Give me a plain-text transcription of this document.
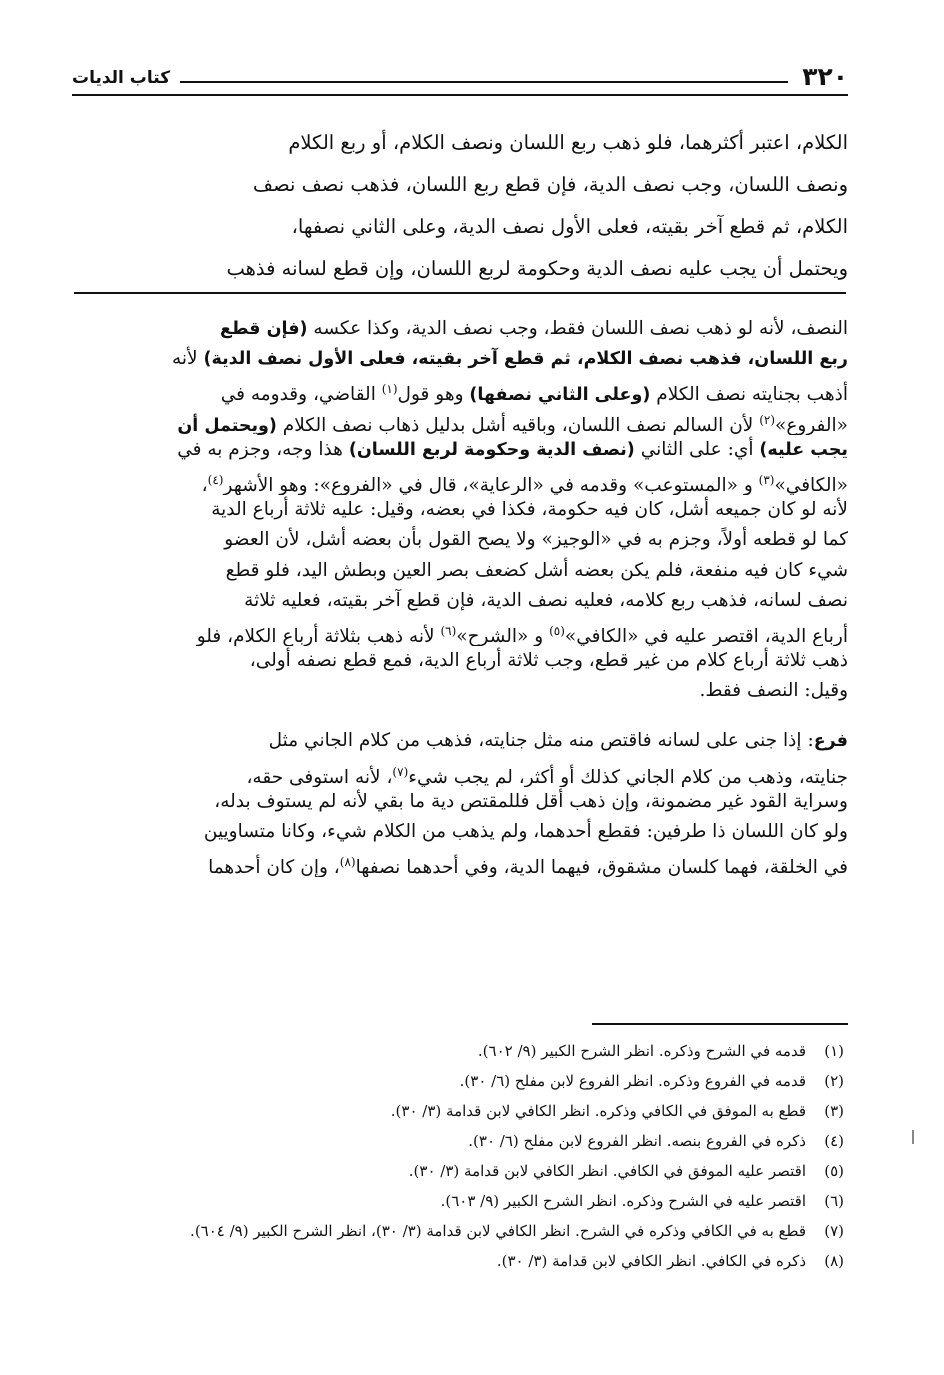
٣٢٠
كتاب الديات
الكلام، اعتبر أكثرهما، فلو ذهب ربع اللسان ونصف الكلام، أو ربع الكلام
ونصف اللسان، وجب نصف الدية، فإن قطع ربع اللسان، فذهب نصف نصف
الكلام، ثم قطع آخر بقيته، فعلى الأول نصف الدية، وعلى الثاني نصفها،
ويحتمل أن يجب عليه نصف الدية وحكومة لربع اللسان، وإن قطع لسانه فذهب
النصف، لأنه لو ذهب نصف اللسان فقط، وجب نصف الدية، وكذا عكسه (فإن قطع
ربع اللسان، فذهب نصف الكلام، ثم قطع آخر بقيته، فعلى الأول نصف الدية) لأنه
أذهب بجنايته نصف الكلام (وعلى الثاني نصفها) وهو قول$^{(١)}$ القاضي، وقدومه في
«الفروع»$^{(٢)}$ لأن السالم نصف اللسان، وباقيه أشل بدليل ذهاب نصف الكلام (ويحتمل أن
يجب عليه) أي: على الثاني (نصف الدية وحكومة لربع اللسان) هذا وجه، وجزم به في
«الكافي»$^{(٣)}$ و «المستوعب» وقدمه في «الرعاية»، قال في «الفروع»: وهو الأشهر$^{(٤)}$،
لأنه لو كان جميعه أشل، كان فيه حكومة، فكذا في بعضه، وقيل: عليه ثلاثة أرباع الدية
كما لو قطعه أولاً، وجزم به في «الوجيز» ولا يصح القول بأن بعضه أشل، لأن العضو
شيء كان فيه منفعة، فلم يكن بعضه أشل كضعف بصر العين وبطش اليد، فلو قطع
نصف لسانه، فذهب ربع كلامه، فعليه نصف الدية، فإن قطع آخر بقيته، فعليه ثلاثة
أرباع الدية، اقتصر عليه في «الكافي»$^{(٥)}$ و «الشرح»$^{(٦)}$ لأنه ذهب بثلاثة أرباع الكلام، فلو
ذهب ثلاثة أرباع كلام من غير قطع، وجب ثلاثة أرباع الدية، فمع قطع نصفه أولى،
وقيل: النصف فقط.
فرع: إذا جنى على لسانه فاقتص منه مثل جنايته، فذهب من كلام الجاني مثل
جنايته، وذهب من كلام الجاني كذلك أو أكثر، لم يجب شيء$^{(٧)}$، لأنه استوفى حقه،
وسراية القود غير مضمونة، وإن ذهب أقل فللمقتص دية ما بقي لأنه لم يستوف بدله،
ولو كان اللسان ذا طرفين: فقطع أحدهما، ولم يذهب من الكلام شيء، وكانا متساويين
في الخلقة، فهما كلسان مشقوق، فيهما الدية، وفي أحدهما نصفها$^{(٨)}$، وإن كان أحدهما
(١)
قدمه في الشرح وذكره. انظر الشرح الكبير (٩/ ٦٠٢).
(٢)
قدمه في الفروع وذكره. انظر الفروع لابن مفلح (٦/ ٣٠).
(٣)
قطع به الموفق في الكافي وذكره. انظر الكافي لابن قدامة (٣/ ٣٠).
(٤)
ذكره في الفروع بنصه. انظر الفروع لابن مفلح (٦/ ٣٠).
(٥)
اقتصر عليه الموفق في الكافي. انظر الكافي لابن قدامة (٣/ ٣٠).
(٦)
اقتصر عليه في الشرح وذكره. انظر الشرح الكبير (٩/ ٦٠٣).
(٧)
قطع به في الكافي وذكره في الشرح. انظر الكافي لابن قدامة (٣/ ٣٠)، انظر الشرح الكبير (٩/ ٦٠٤).
(٨)
ذكره في الكافي. انظر الكافي لابن قدامة (٣/ ٣٠).
